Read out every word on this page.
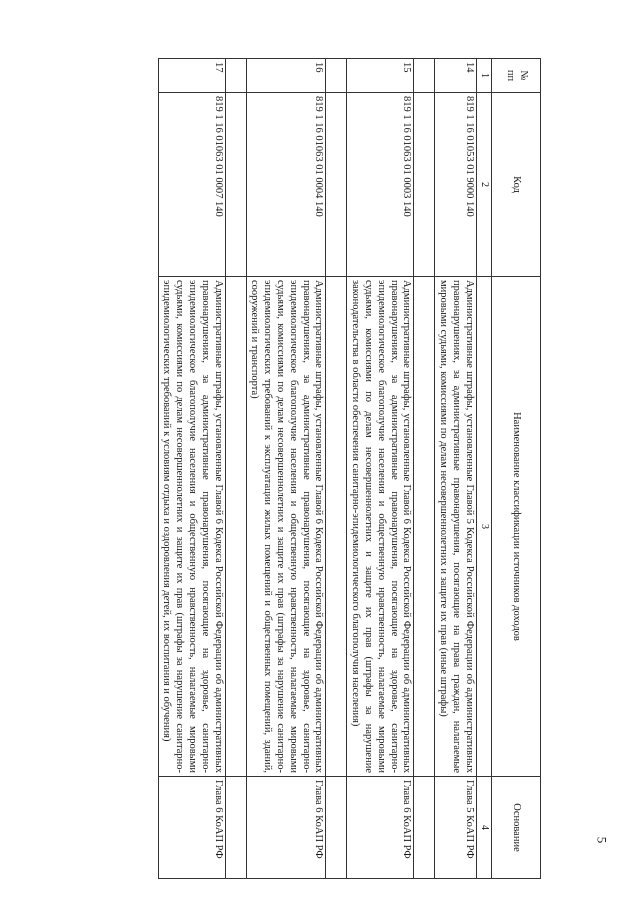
5
№
пп	Код	Наименование классификации источников доходов	Основание
1	2	3	4
14	819 1 16 01053 01 9000 140	Административные штрафы, установленные Главой 5 Кодекса Российской Федерации об административных правонарушениях, за административные правонарушения, посягающие на права граждан, налагаемые мировыми судьями, комиссиями по делам несовершеннолетних и защите их прав (иные штрафы)	Глава 5 КоАП РФ

15	819 1 16 01063 01 0003 140	Административные штрафы, установленные Главой 6 Кодекса Российской Федерации об административных правонарушениях, за административные правонарушения, посягающие на здоровье, санитарно-эпидемиологическое благополучие населения и общественную нравственность, налагаемые мировыми судьями, комиссиями по делам несовершеннолетних и защите их прав (штрафы за нарушение законодательства в области обеспечения санитарно-эпидемиологического благополучия населения)	Глава 6 КоАП РФ

16	819 1 16 01063 01 0004 140	Административные штрафы, установленные Главой 6 Кодекса Российской Федерации об административных правонарушениях, за административные правонарушения, посягающие на здоровье, санитарно-эпидемиологическое благополучие населения и общественную нравственность, налагаемые мировыми судьями, комиссиями по делам несовершеннолетних и защите их прав (штрафы за нарушение санитарно-эпидемиологических требований к эксплуатации жилых помещений и общественных помещений, зданий, сооружений и транспорта)	Глава 6 КоАП РФ

17	819 1 16 01063 01 0007 140	Административные штрафы, установленные Главой 6 Кодекса Российской Федерации об административных правонарушениях, за административные правонарушения, посягающие на здоровье, санитарно-эпидемиологическое благополучие населения и общественную нравственность, налагаемые мировыми судьями, комиссиями по делам несовершеннолетних и защите их прав (штрафы за нарушение санитарно-эпидемиологических требований к условиям отдыха и оздоровления детей, их воспитания и обучения)	Глава 6 КоАП РФ
